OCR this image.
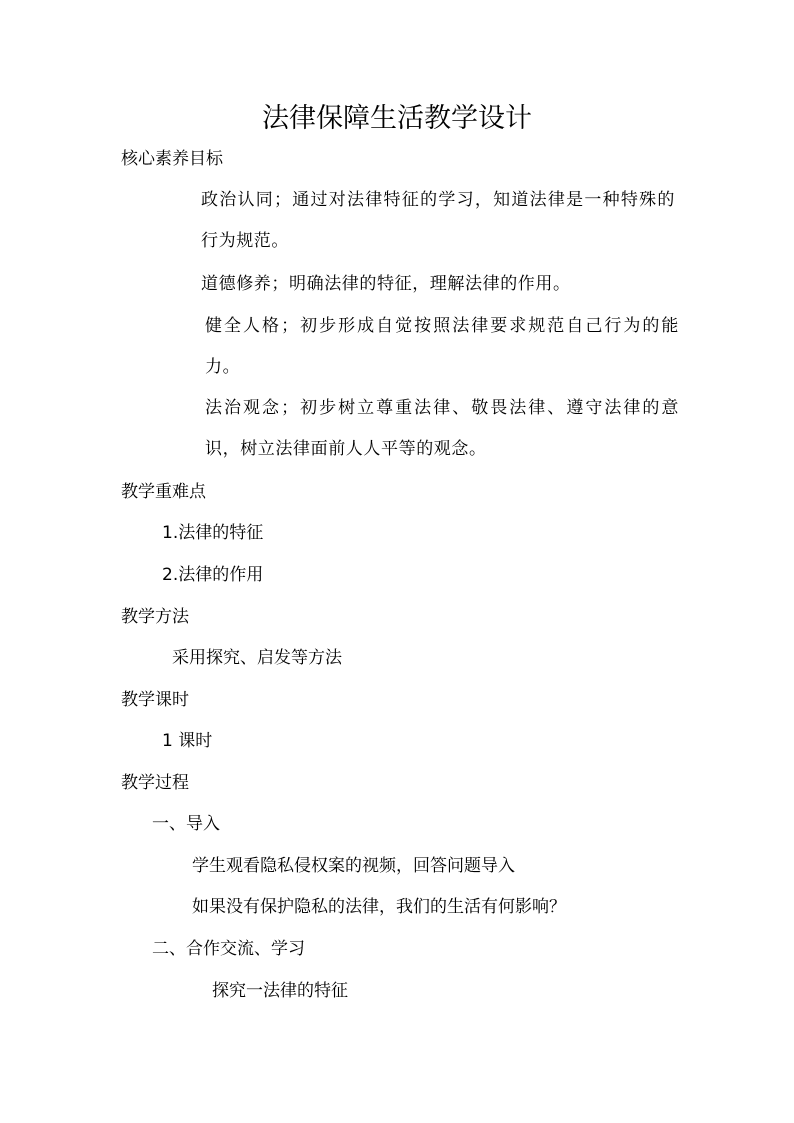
法律保障生活教学设计
核心素养目标
政治认同；通过对法律特征的学习，知道法律是一种特殊的行为规范。
道德修养；明确法律的特征，理解法律的作用。
健全人格；初步形成自觉按照法律要求规范自己行为的能力。
法治观念；初步树立尊重法律、敬畏法律、遵守法律的意识，树立法律面前人人平等的观念。
教学重难点
1.法律的特征
2.法律的作用
教学方法
采用探究、启发等方法
教学课时
1 课时
教学过程
一、导入
学生观看隐私侵权案的视频，回答问题导入
如果没有保护隐私的法律，我们的生活有何影响？
二、合作交流、学习
探究一法律的特征
